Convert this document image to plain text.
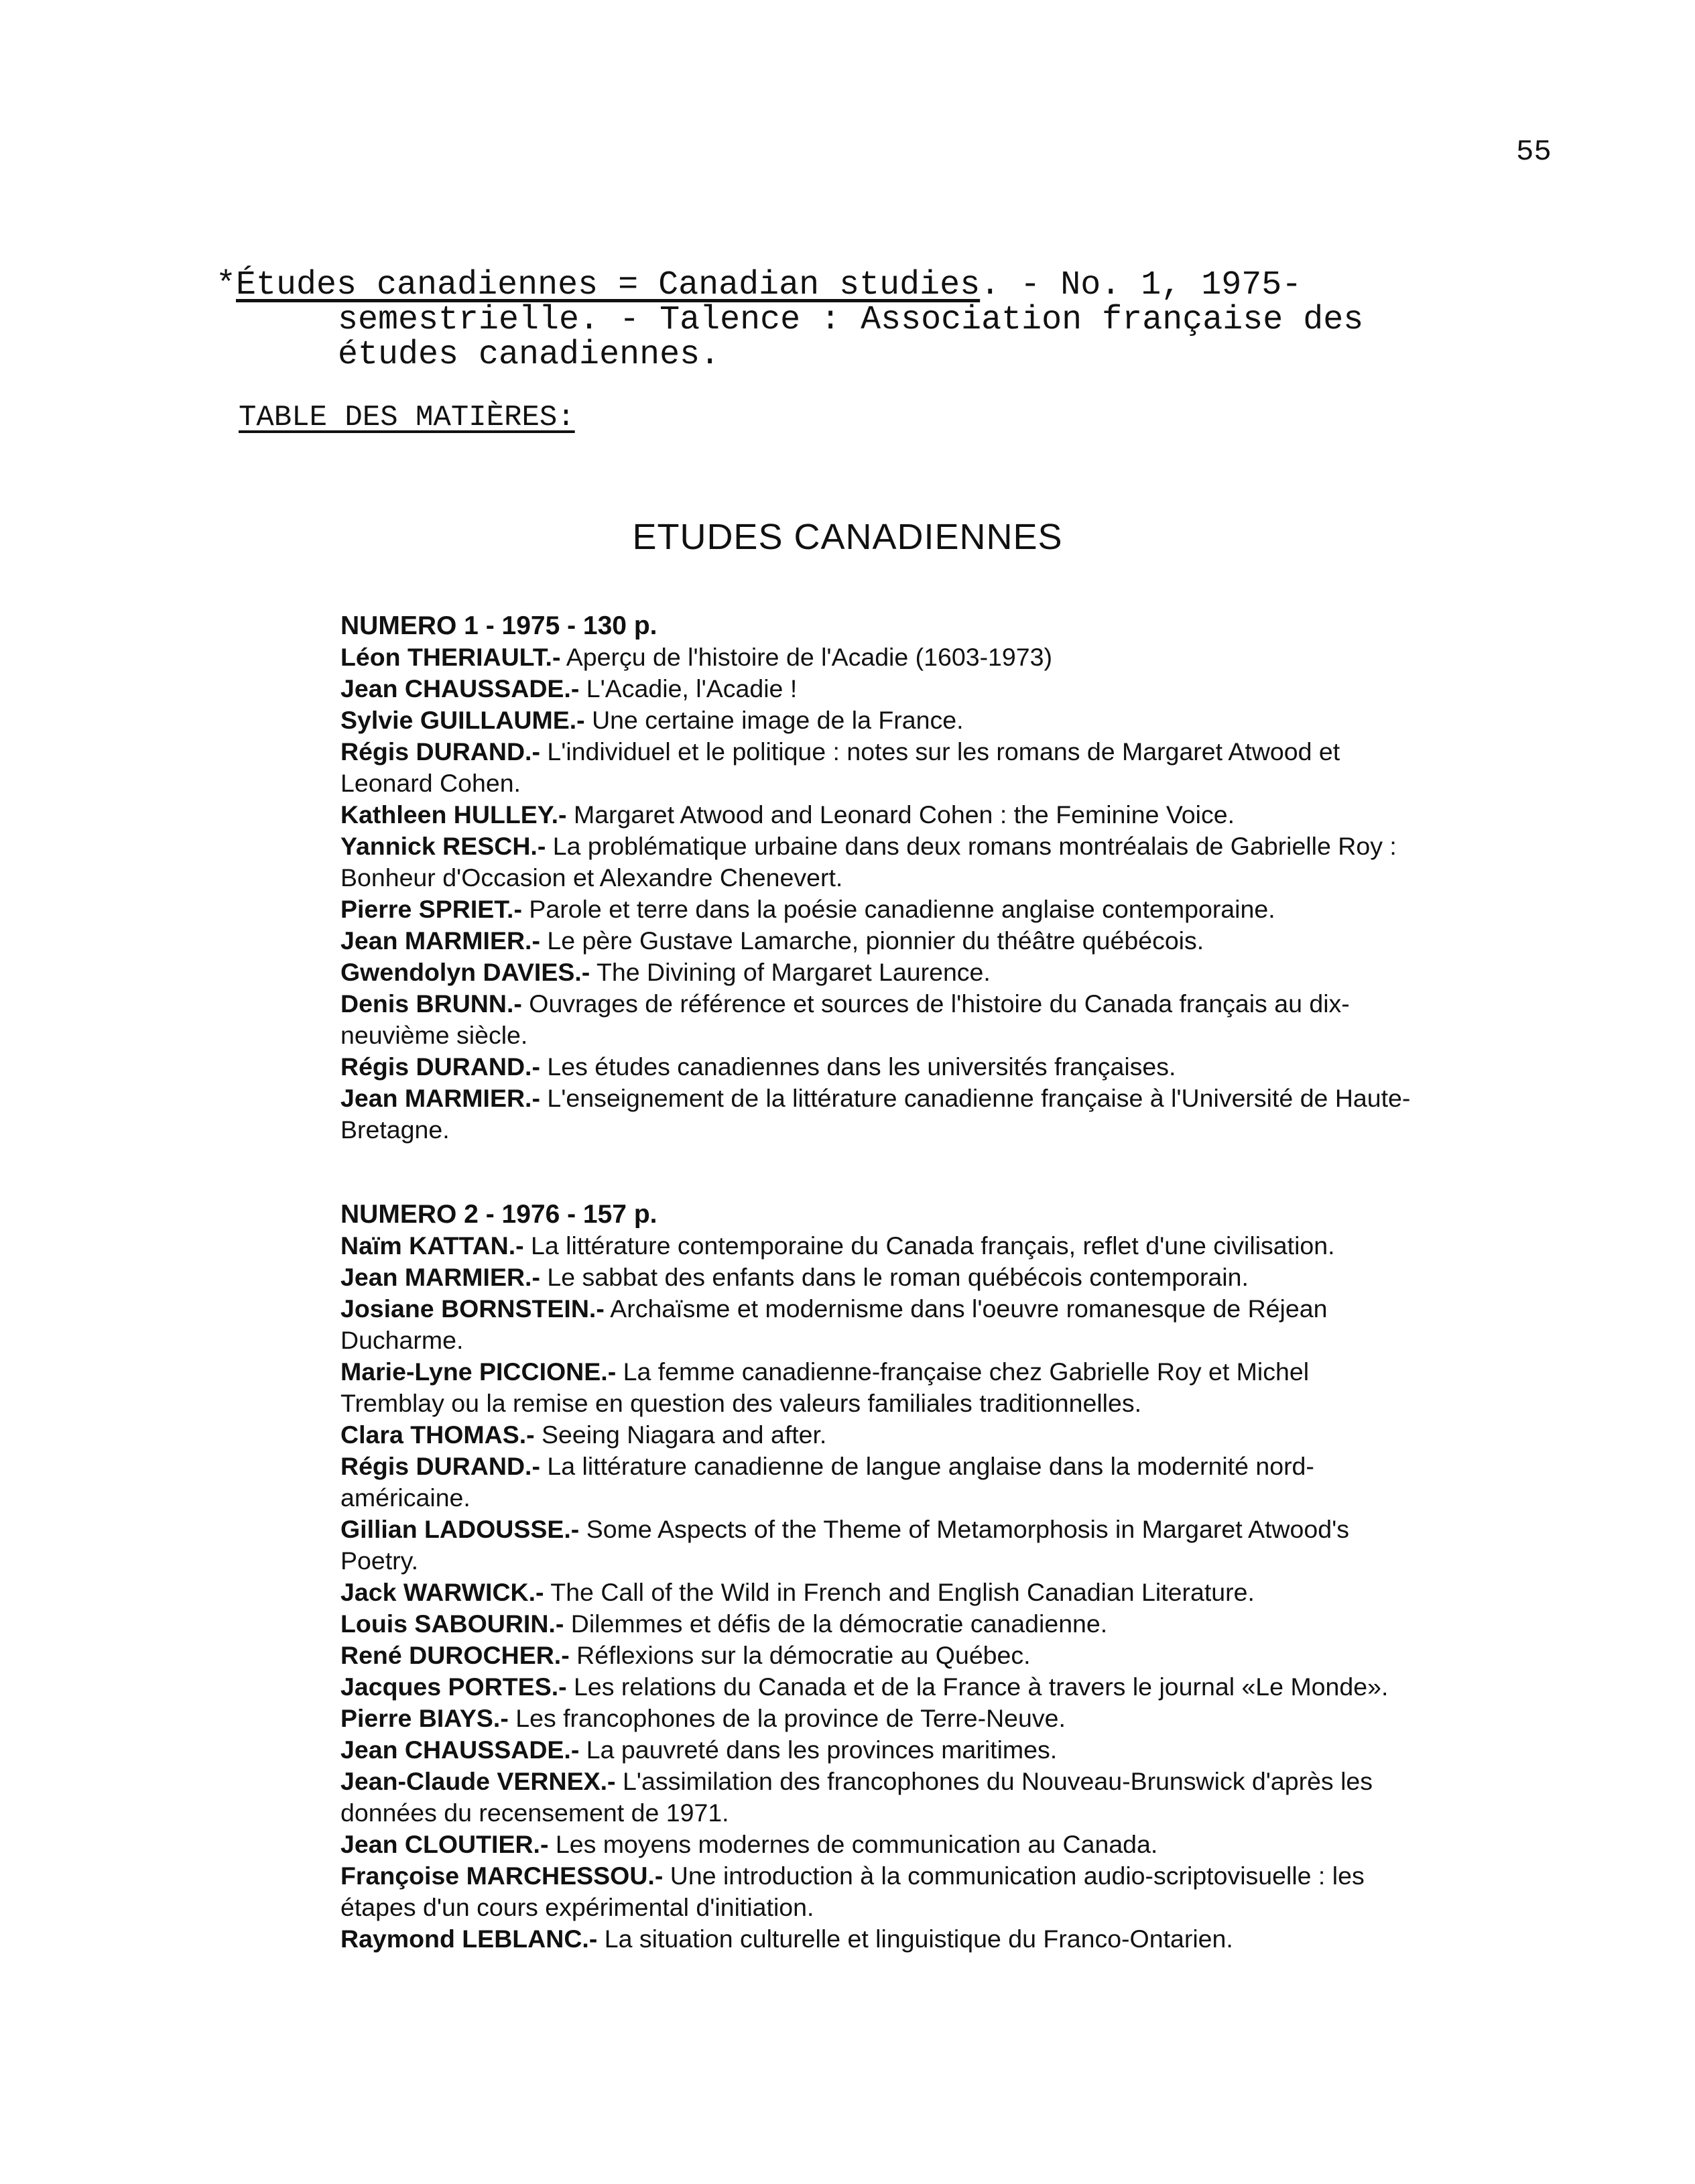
55
*Études canadiennes = Canadian studies. - No. 1, 1975-
semestrielle. - Talence : Association française des
études canadiennes.
TABLE DES MATIÈRES:
ETUDES CANADIENNES
NUMERO 1 - 1975 - 130 p.
Léon THERIAULT.- Aperçu de l'histoire de l'Acadie (1603-1973)
Jean CHAUSSADE.- L'Acadie, l'Acadie !
Sylvie GUILLAUME.- Une certaine image de la France.
Régis DURAND.- L'individuel et le politique : notes sur les romans de Margaret Atwood et Leonard Cohen.
Kathleen HULLEY.- Margaret Atwood and Leonard Cohen : the Feminine Voice.
Yannick RESCH.- La problématique urbaine dans deux romans montréalais de Gabrielle Roy : Bonheur d'Occasion et Alexandre Chenevert.
Pierre SPRIET.- Parole et terre dans la poésie canadienne anglaise contemporaine.
Jean MARMIER.- Le père Gustave Lamarche, pionnier du théâtre québécois.
Gwendolyn DAVIES.- The Divining of Margaret Laurence.
Denis BRUNN.- Ouvrages de référence et sources de l'histoire du Canada français au dix-neuvième siècle.
Régis DURAND.- Les études canadiennes dans les universités françaises.
Jean MARMIER.- L'enseignement de la littérature canadienne française à l'Université de Haute-Bretagne.
NUMERO 2 - 1976 - 157 p.
Naïm KATTAN.- La littérature contemporaine du Canada français, reflet d'une civilisation.
Jean MARMIER.- Le sabbat des enfants dans le roman québécois contemporain.
Josiane BORNSTEIN.- Archaïsme et modernisme dans l'oeuvre romanesque de Réjean Ducharme.
Marie-Lyne PICCIONE.- La femme canadienne-française chez Gabrielle Roy et Michel Tremblay ou la remise en question des valeurs familiales traditionnelles.
Clara THOMAS.- Seeing Niagara and after.
Régis DURAND.- La littérature canadienne de langue anglaise dans la modernité nord-américaine.
Gillian LADOUSSE.- Some Aspects of the Theme of Metamorphosis in Margaret Atwood's Poetry.
Jack WARWICK.- The Call of the Wild in French and English Canadian Literature.
Louis SABOURIN.- Dilemmes et défis de la démocratie canadienne.
René DUROCHER.- Réflexions sur la démocratie au Québec.
Jacques PORTES.- Les relations du Canada et de la France à travers le journal «Le Monde».
Pierre BIAYS.- Les francophones de la province de Terre-Neuve.
Jean CHAUSSADE.- La pauvreté dans les provinces maritimes.
Jean-Claude VERNEX.- L'assimilation des francophones du Nouveau-Brunswick d'après les données du recensement de 1971.
Jean CLOUTIER.- Les moyens modernes de communication au Canada.
Françoise MARCHESSOU.- Une introduction à la communication audio-scriptovisuelle : les étapes d'un cours expérimental d'initiation.
Raymond LEBLANC.- La situation culturelle et linguistique du Franco-Ontarien.
